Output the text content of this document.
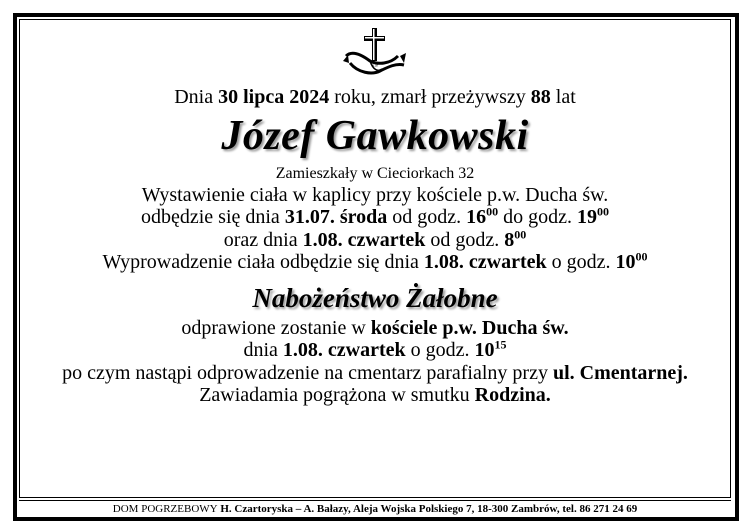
Ś.P.
Dnia 30 lipca 2024 roku, zmarł przeżywszy 88 lat
Józef Gawkowski
Zamieszkały w Cieciorkach 32
Wystawienie ciała w kaplicy przy kościele p.w. Ducha św.
odbędzie się dnia 31.07. środa od godz. $16^{00}$ do godz. $19^{00}$
oraz dnia 1.08. czwartek od godz. $8^{00}$
Wyprowadzenie ciała odbędzie się dnia 1.08. czwartek o godz. $10^{00}$
Nabożeństwo Żałobne
odprawione zostanie w kościele p.w. Ducha św.
dnia 1.08. czwartek o godz. $10^{15}$
po czym nastąpi odprowadzenie na cmentarz parafialny przy ul. Cmentarnej.
Zawiadamia pogrążona w smutku Rodzina.
DOM POGRZEBOWY H. Czartoryska – A. Bałazy, Aleja Wojska Polskiego 7, 18-300 Zambrów, tel. 86 271 24 69
